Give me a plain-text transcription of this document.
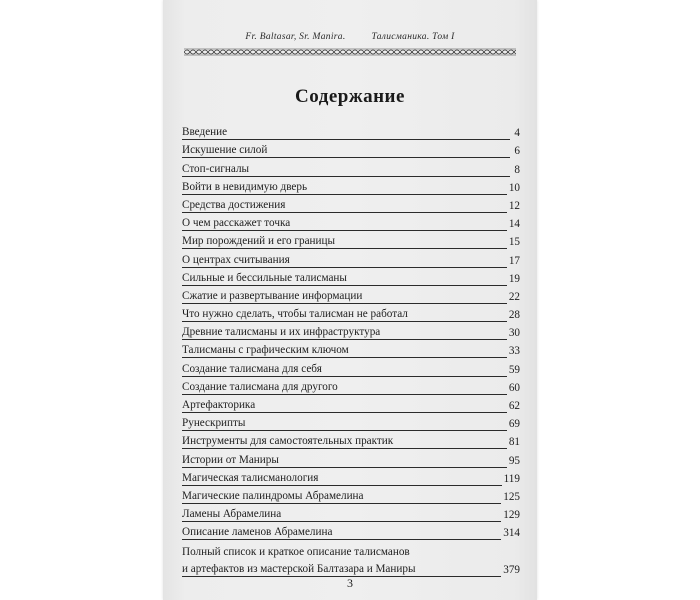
Fr. Baltasar, Sr. Manira.	Талисманика. Том I
Содержание
Введение	4
Искушение силой	6
Стоп-сигналы	8
Войти в невидимую дверь	10
Средства достижения	12
О чем расскажет точка	14
Мир порождений и его границы	15
О центрах считывания	17
Сильные и бессильные талисманы	19
Сжатие и развертывание информации	22
Что нужно сделать, чтобы талисман не работал	28
Древние талисманы и их инфраструктура	30
Талисманы с графическим ключом	33
Создание талисмана для себя	59
Создание талисмана для другого	60
Артефакторика	62
Рунескрипты	69
Инструменты для самостоятельных практик	81
Истории от Маниры	95
Магическая талисманология	119
Магические палиндромы Абрамелина	125
Ламены Абрамелина	129
Описание ламенов Абрамелина	314
Полный список и краткое описание талисманов
и артефактов из мастерской Балтазара и Маниры	379
3
